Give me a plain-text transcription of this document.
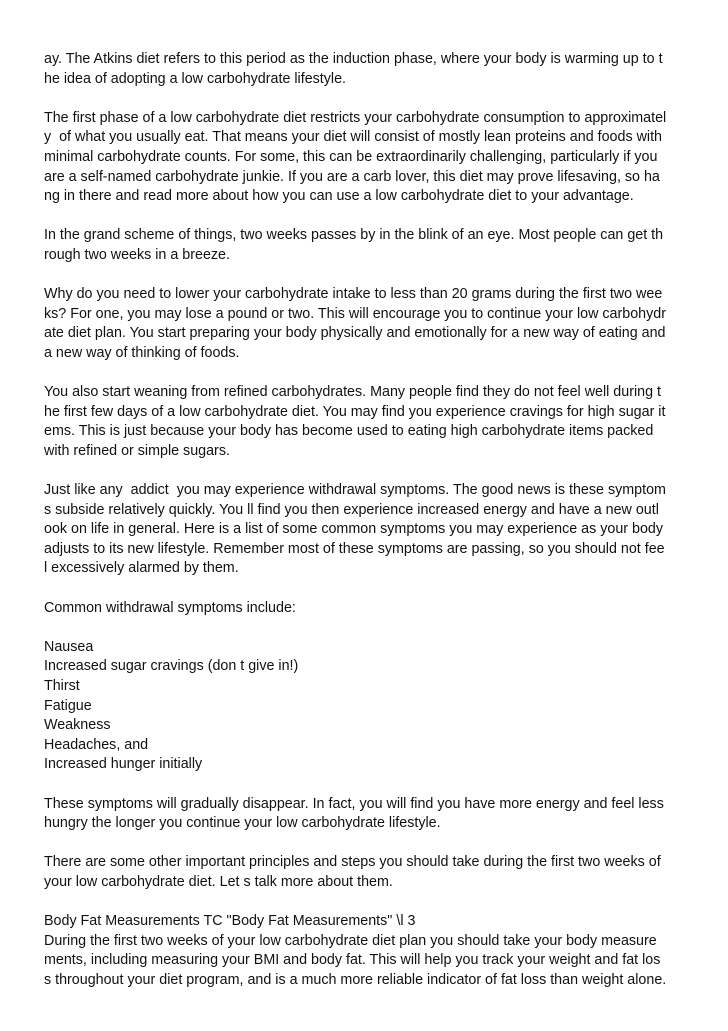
ay. The Atkins diet refers to this period as the induction phase, where your body is warming up to t
he idea of adopting a low carbohydrate lifestyle.
The first phase of a low carbohydrate diet restricts your carbohydrate consumption to approximatel
y  of what you usually eat. That means your diet will consist of mostly lean proteins and foods with
minimal carbohydrate counts. For some, this can be extraordinarily challenging, particularly if you
are a self-named carbohydrate junkie. If you are a carb lover, this diet may prove lifesaving, so ha
ng in there and read more about how you can use a low carbohydrate diet to your advantage.
In the grand scheme of things, two weeks passes by in the blink of an eye. Most people can get th
rough two weeks in a breeze.
Why do you need to lower your carbohydrate intake to less than 20 grams during the first two wee
ks? For one, you may lose a pound or two. This will encourage you to continue your low carbohydr
ate diet plan. You start preparing your body physically and emotionally for a new way of eating and
a new way of thinking of foods.
You also start weaning from refined carbohydrates. Many people find they do not feel well during t
he first few days of a low carbohydrate diet. You may find you experience cravings for high sugar it
ems. This is just because your body has become used to eating high carbohydrate items packed
with refined or simple sugars.
Just like any  addict  you may experience withdrawal symptoms. The good news is these symptom
s subside relatively quickly. You ll find you then experience increased energy and have a new outl
ook on life in general. Here is a list of some common symptoms you may experience as your body
adjusts to its new lifestyle. Remember most of these symptoms are passing, so you should not fee
l excessively alarmed by them.
Common withdrawal symptoms include:
Nausea
Increased sugar cravings (don t give in!)
Thirst
Fatigue
Weakness
Headaches, and
Increased hunger initially
These symptoms will gradually disappear. In fact, you will find you have more energy and feel less
hungry the longer you continue your low carbohydrate lifestyle.
There are some other important principles and steps you should take during the first two weeks of
your low carbohydrate diet. Let s talk more about them.
Body Fat Measurements TC "Body Fat Measurements" \l 3
During the first two weeks of your low carbohydrate diet plan you should take your body measure
ments, including measuring your BMI and body fat. This will help you track your weight and fat los
s throughout your diet program, and is a much more reliable indicator of fat loss than weight alone.
